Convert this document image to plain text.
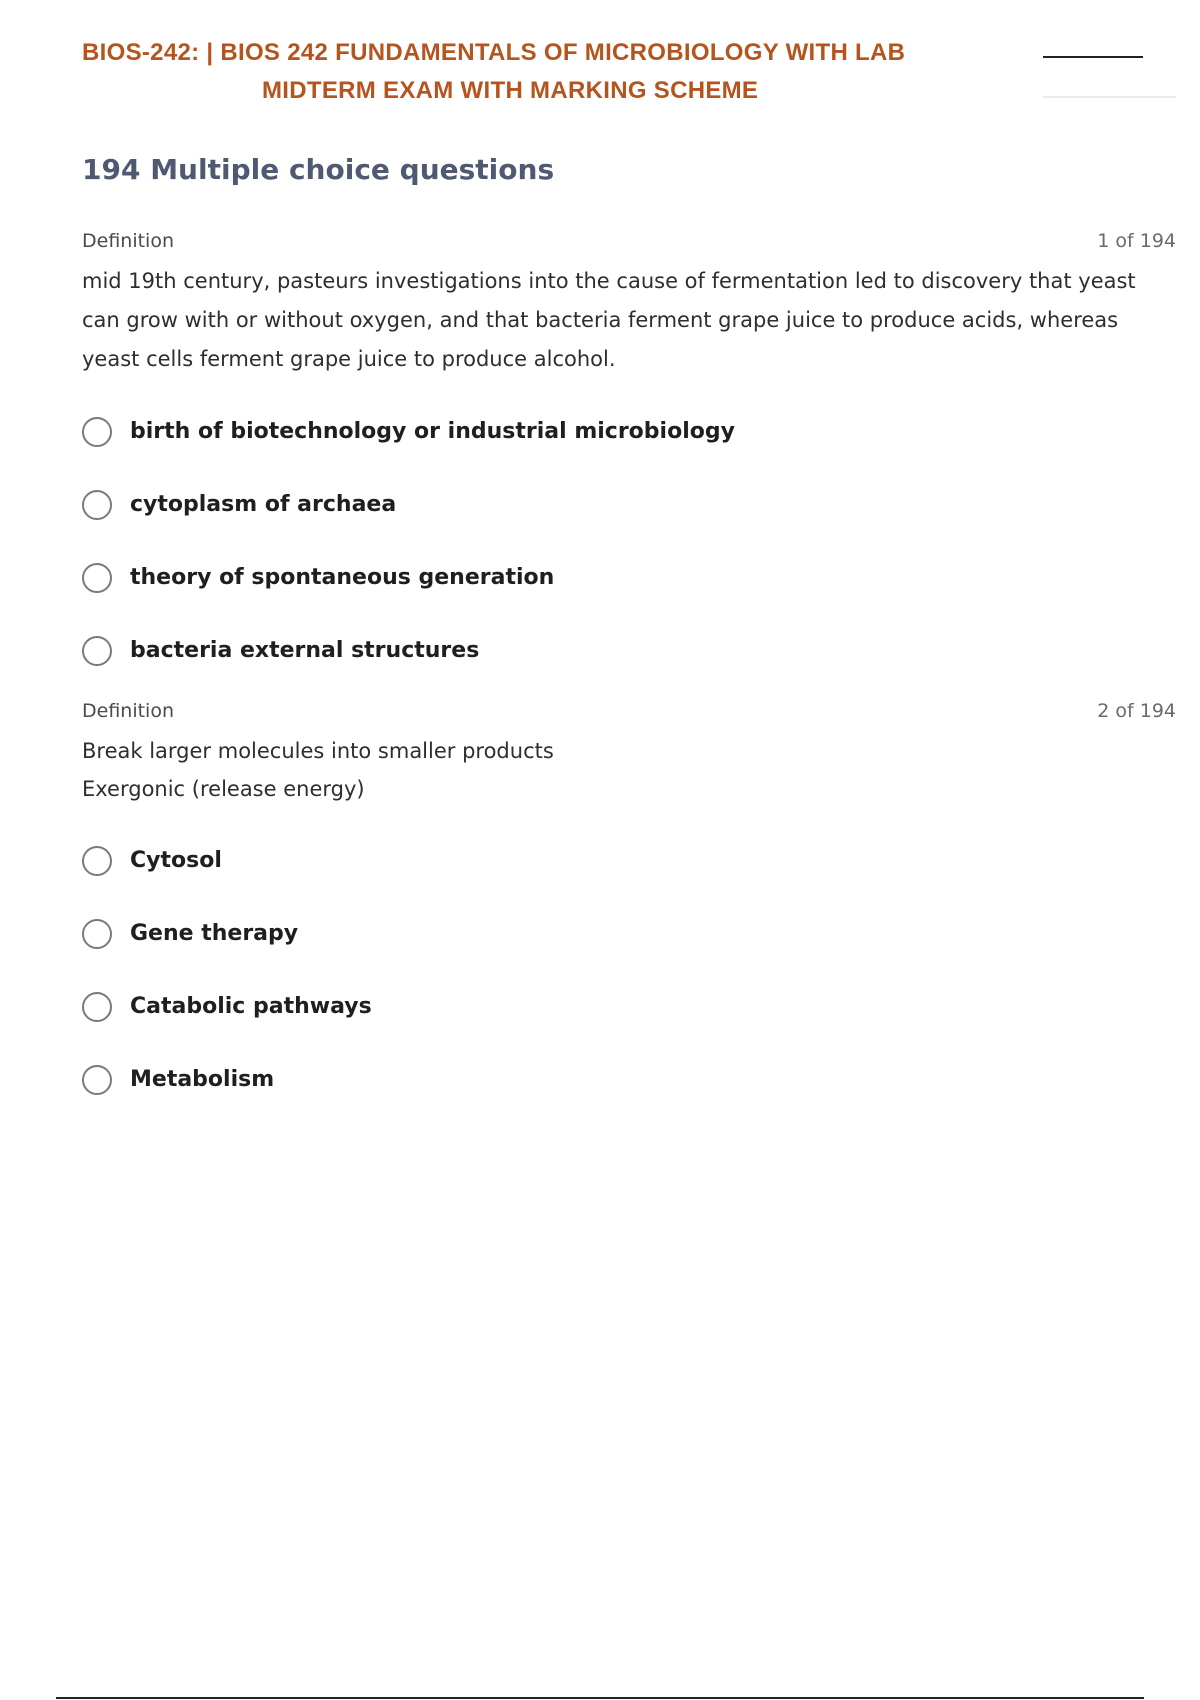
BIOS-242: | BIOS 242 FUNDAMENTALS OF MICROBIOLOGY WITH LAB
MIDTERM EXAM WITH MARKING SCHEME
194 Multiple choice questions
Definition	1 of 194
mid 19th century, pasteurs investigations into the cause of fermentation led to discovery that yeast can grow with or without oxygen, and that bacteria ferment grape juice to produce acids, whereas yeast cells ferment grape juice to produce alcohol.
birth of biotechnology or industrial microbiology
cytoplasm of archaea
theory of spontaneous generation
bacteria external structures
Definition	2 of 194
Break larger molecules into smaller products
Exergonic (release energy)
Cytosol
Gene therapy
Catabolic pathways
Metabolism
